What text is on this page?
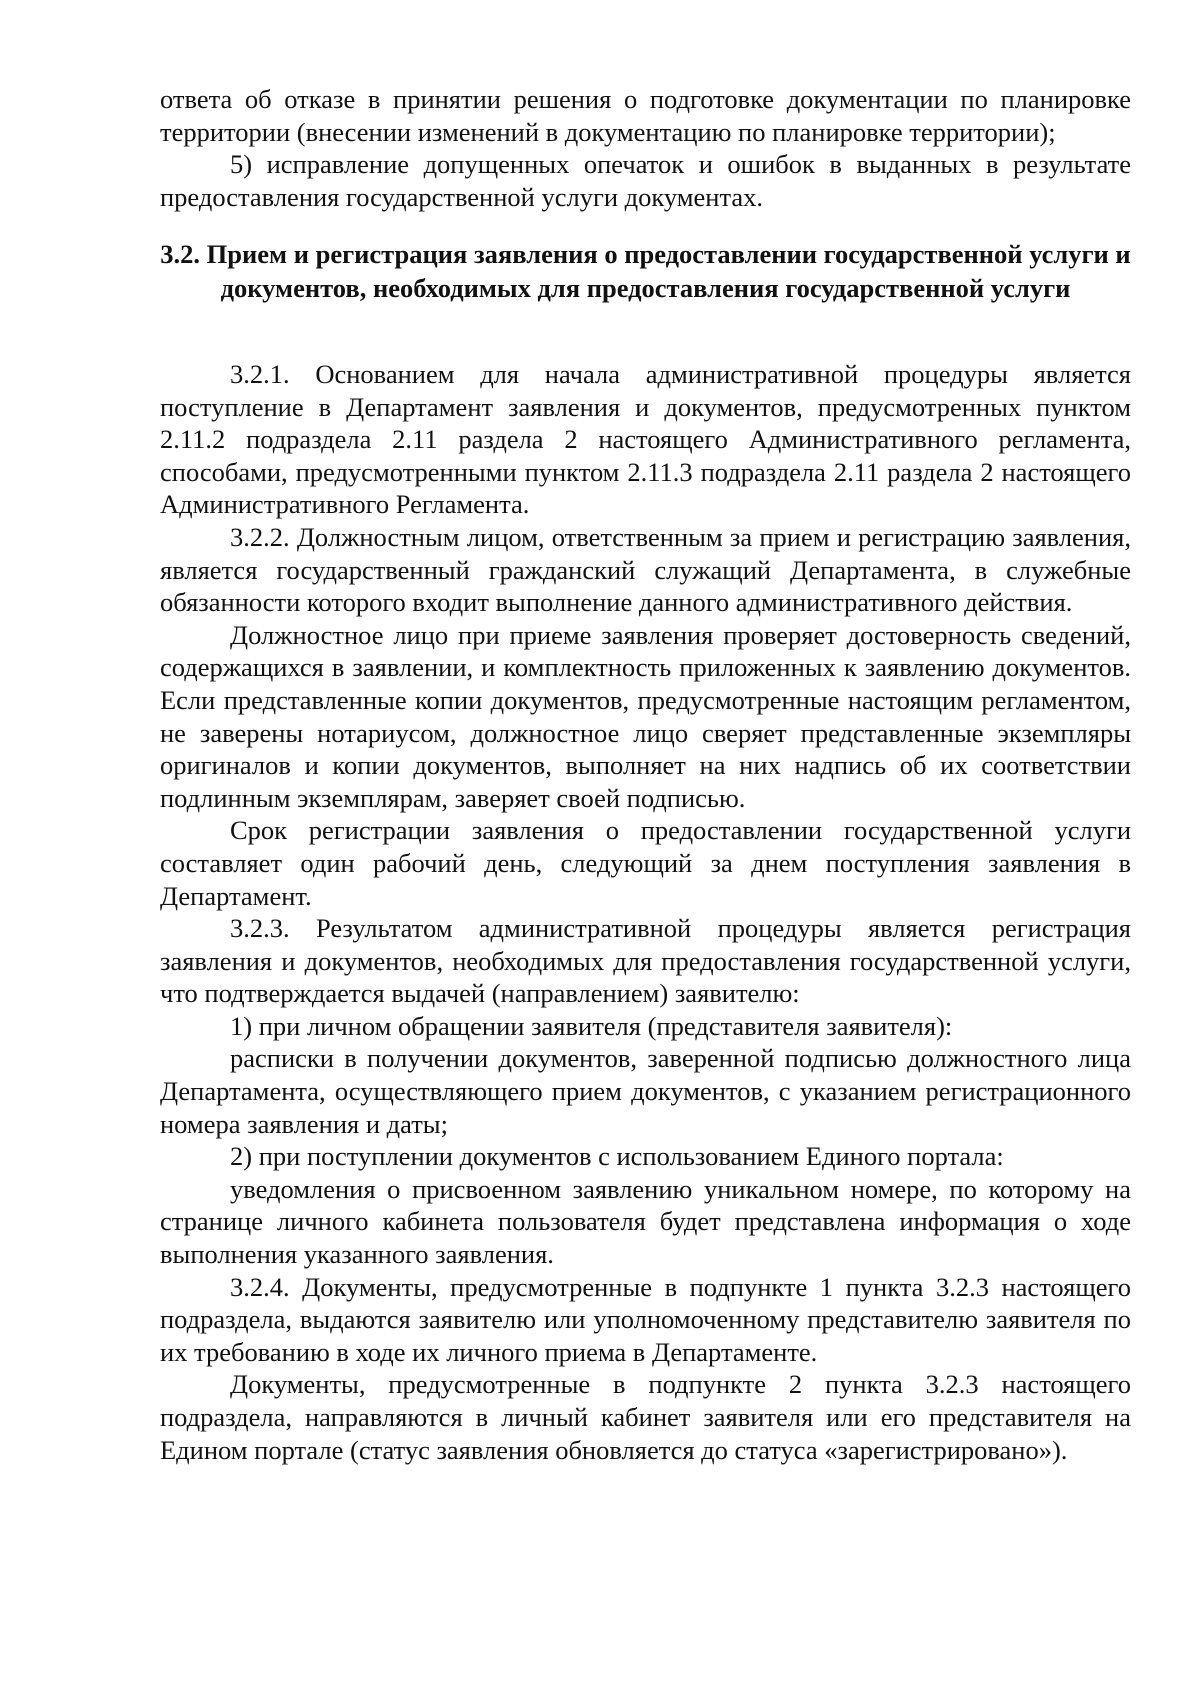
ответа об отказе в принятии решения о подготовке документации по планировке территории (внесении изменений в документацию по планировке территории);

5) исправление допущенных опечаток и ошибок в выданных в результате предоставления государственной услуги документах.

3.2. Прием и регистрация заявления о предоставлении государственной услуги и документов, необходимых для предоставления государственной услуги

3.2.1. Основанием для начала административной процедуры является поступление в Департамент заявления и документов, предусмотренных пунктом 2.11.2 подраздела 2.11 раздела 2 настоящего Административного регламента, способами, предусмотренными пунктом 2.11.3 подраздела 2.11 раздела 2 настоящего Административного Регламента.

3.2.2. Должностным лицом, ответственным за прием и регистрацию заявления, является государственный гражданский служащий Департамента, в служебные обязанности которого входит выполнение данного административного действия.

Должностное лицо при приеме заявления проверяет достоверность сведений, содержащихся в заявлении, и комплектность приложенных к заявлению документов. Если представленные копии документов, предусмотренные настоящим регламентом, не заверены нотариусом, должностное лицо сверяет представленные экземпляры оригиналов и копии документов, выполняет на них надпись об их соответствии подлинным экземплярам, заверяет своей подписью.

Срок регистрации заявления о предоставлении государственной услуги составляет один рабочий день, следующий за днем поступления заявления в Департамент.

3.2.3. Результатом административной процедуры является регистрация заявления и документов, необходимых для предоставления государственной услуги, что подтверждается выдачей (направлением) заявителю:

1) при личном обращении заявителя (представителя заявителя):

расписки в получении документов, заверенной подписью должностного лица Департамента, осуществляющего прием документов, с указанием регистрационного номера заявления и даты;

2) при поступлении документов с использованием Единого портала:

уведомления о присвоенном заявлению уникальном номере, по которому на странице личного кабинета пользователя будет представлена информация о ходе выполнения указанного заявления.

3.2.4. Документы, предусмотренные в подпункте 1 пункта 3.2.3 настоящего подраздела, выдаются заявителю или уполномоченному представителю заявителя по их требованию в ходе их личного приема в Департаменте.

Документы, предусмотренные в подпункте 2 пункта 3.2.3 настоящего подраздела, направляются в личный кабинет заявителя или его представителя на Едином портале (статус заявления обновляется до статуса «зарегистрировано»).
